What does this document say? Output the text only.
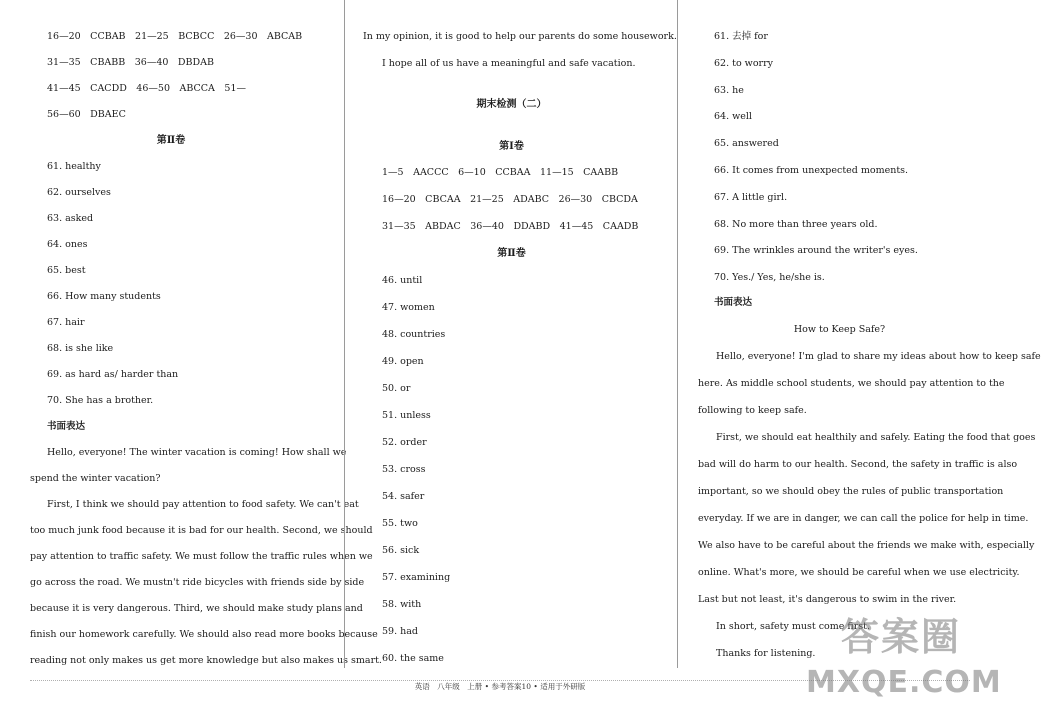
16—20　CCBAB　21—25　BCBCC　26—30　ABCAB
31—35　CBABB　36—40　DBDAB
41—45　CACDD　46—50　ABCCA　51—
56—60　DBAEC
第Ⅱ卷
61. healthy
62. ourselves
63. asked
64. ones
65. best
66. How many students
67. hair
68. is she like
69. as hard as/ harder than
70. She has a brother.
书面表达
Hello, everyone! The winter vacation is coming! How shall we
spend the winter vacation?
First, I think we should pay attention to food safety. We can't eat
too much junk food because it is bad for our health. Second, we should
pay attention to traffic safety. We must follow the traffic rules when we
go across the road. We mustn't ride bicycles with friends side by side
because it is very dangerous. Third, we should make study plans and
finish our homework carefully. We should also read more books because
reading not only makes us get more knowledge but also makes us smart.
In my opinion, it is good to help our parents do some housework.
I hope all of us have a meaningful and safe vacation.
期末检测（二）
第Ⅰ卷
1—5　AACCC　6—10　CCBAA　11—15　CAABB
16—20　CBCAA　21—25　ADABC　26—30　CBCDA
31—35　ABDAC　36—40　DDABD　41—45　CAADB
第Ⅱ卷
46. until
47. women
48. countries
49. open
50. or
51. unless
52. order
53. cross
54. safer
55. two
56. sick
57. examining
58. with
59. had
60. the same
61. 去掉 for
62. to worry
63. he
64. well
65. answered
66. It comes from unexpected moments.
67. A little girl.
68. No more than three years old.
69. The wrinkles around the writer's eyes.
70. Yes./ Yes, he/she is.
书面表达
How to Keep Safe?
Hello, everyone! I'm glad to share my ideas about how to keep safe
here. As middle school students, we should pay attention to the
following to keep safe.
First, we should eat healthily and safely. Eating the food that goes
bad will do harm to our health. Second, the safety in traffic is also
important, so we should obey the rules of public transportation
everyday. If we are in danger, we can call the police for help in time.
We also have to be careful about the friends we make with, especially
online. What's more, we should be careful when we use electricity.
Last but not least, it's dangerous to swim in the river.
In short, safety must come first.
Thanks for listening.
英语　八年级　上册 • 参考答案10 • 适用于外研版
答案圈
MXQE.COM
